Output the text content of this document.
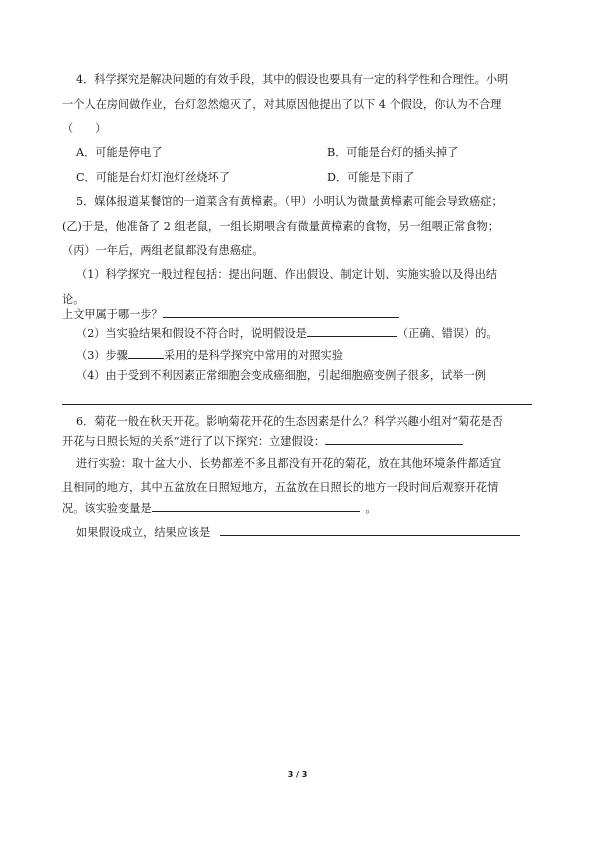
4．科学探究是解决问题的有效手段，其中的假设也要具有一定的科学性和合理性。小明
一个人在房间做作业，台灯忽然熄灭了，对其原因他提出了以下 4 个假设，你认为不合理
（ ）
A．可能是停电了	B．可能是台灯的插头掉了
C．可能是台灯灯泡灯丝烧坏了	D．可能是下雨了
5．媒体报道某餐馆的一道菜含有黄樟素。（甲）小明认为微量黄樟素可能会导致癌症；
(乙)于是，他准备了 2 组老鼠，一组长期喂含有微量黄樟素的食物，另一组喂正常食物；
（丙）一年后，两组老鼠都没有患癌症。
（1）科学探究一般过程包括：提出问题、作出假设、制定计划、实施实验以及得出结
论。
上文甲属于哪一步？
（2）当实验结果和假设不符合时，说明假设是	（正确、错误）的。
（3）步骤	采用的是科学探究中常用的对照实验
（4）由于受到不利因素正常细胞会变成癌细胞，引起细胞癌变例子很多，试举一例
6．菊花一般在秋天开花。影响菊花开花的生态因素是什么？科学兴趣小组对“菊花是否
开花与日照长短的关系”进行了以下探究：立建假设：
进行实验：取十盆大小、长势都差不多且都没有开花的菊花，放在其他环境条件都适宜
且相同的地方，其中五盆放在日照短地方，五盆放在日照长的地方一段时间后观察开花情
况。该实验变量是	。
如果假设成立，结果应该是
3 / 3
